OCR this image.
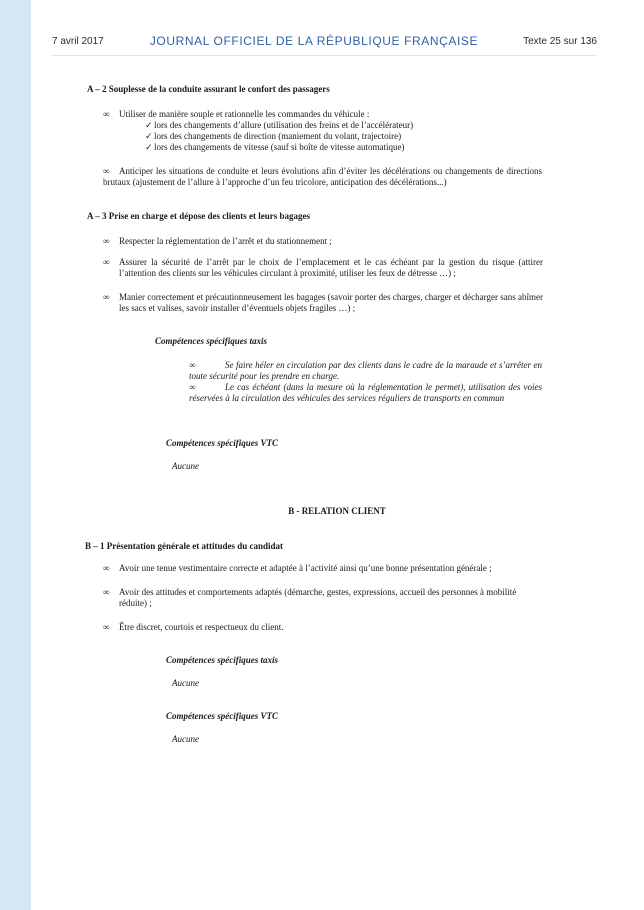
7 avril 2017	JOURNAL OFFICIEL DE LA RÉPUBLIQUE FRANÇAISE	Texte 25 sur 136
A – 2 Souplesse de la conduite assurant le confort des passagers
∞ Utiliser de manière souple et rationnelle les commandes du véhicule :
✓ lors des changements d’allure (utilisation des freins et de l’accélérateur)
✓ lors des changements de direction (maniement du volant, trajectoire)
✓ lors des changements de vitesse (sauf si boîte de vitesse automatique)
∞	Anticiper les situations de conduite et leurs évolutions afin d’éviter les décélérations ou changements de directions brutaux (ajustement de l’allure à l’approche d’un feu tricolore, anticipation des décélérations...)
A – 3 Prise en charge et dépose des clients et leurs bagages
∞ Respecter la réglementation de l’arrêt et du stationnement ;
∞ Assurer la sécurité de l’arrêt par le choix de l’emplacement et le cas échéant par la gestion du risque (attirer l’attention des clients sur les véhicules circulant à proximité, utiliser les feux de détresse …) ;
∞ Manier correctement et précautionneusement les bagages (savoir porter des charges, charger et décharger sans abîmer les sacs et valises, savoir installer d’éventuels objets fragiles …) ;
Compétences spécifiques taxis
∞	Se faire héler en circulation par des clients dans le cadre de la maraude et s’arrêter en toute sécurité pour les prendre en charge.
∞	Le cas échéant (dans la mesure où la réglementation le permet), utilisation des voies réservées à la circulation des véhicules des services réguliers de transports en commun
Compétences spécifiques VTC
Aucune
B - RELATION CLIENT
B – 1 Présentation générale et attitudes du candidat
∞ Avoir une tenue vestimentaire correcte et adaptée à l’activité ainsi qu’une bonne présentation générale ;
∞ Avoir des attitudes et comportements adaptés (démarche, gestes, expressions, accueil des personnes à mobilité réduite) ;
∞ Être discret, courtois et respectueux du client.
Compétences spécifiques taxis
Aucune
Compétences spécifiques VTC
Aucune
